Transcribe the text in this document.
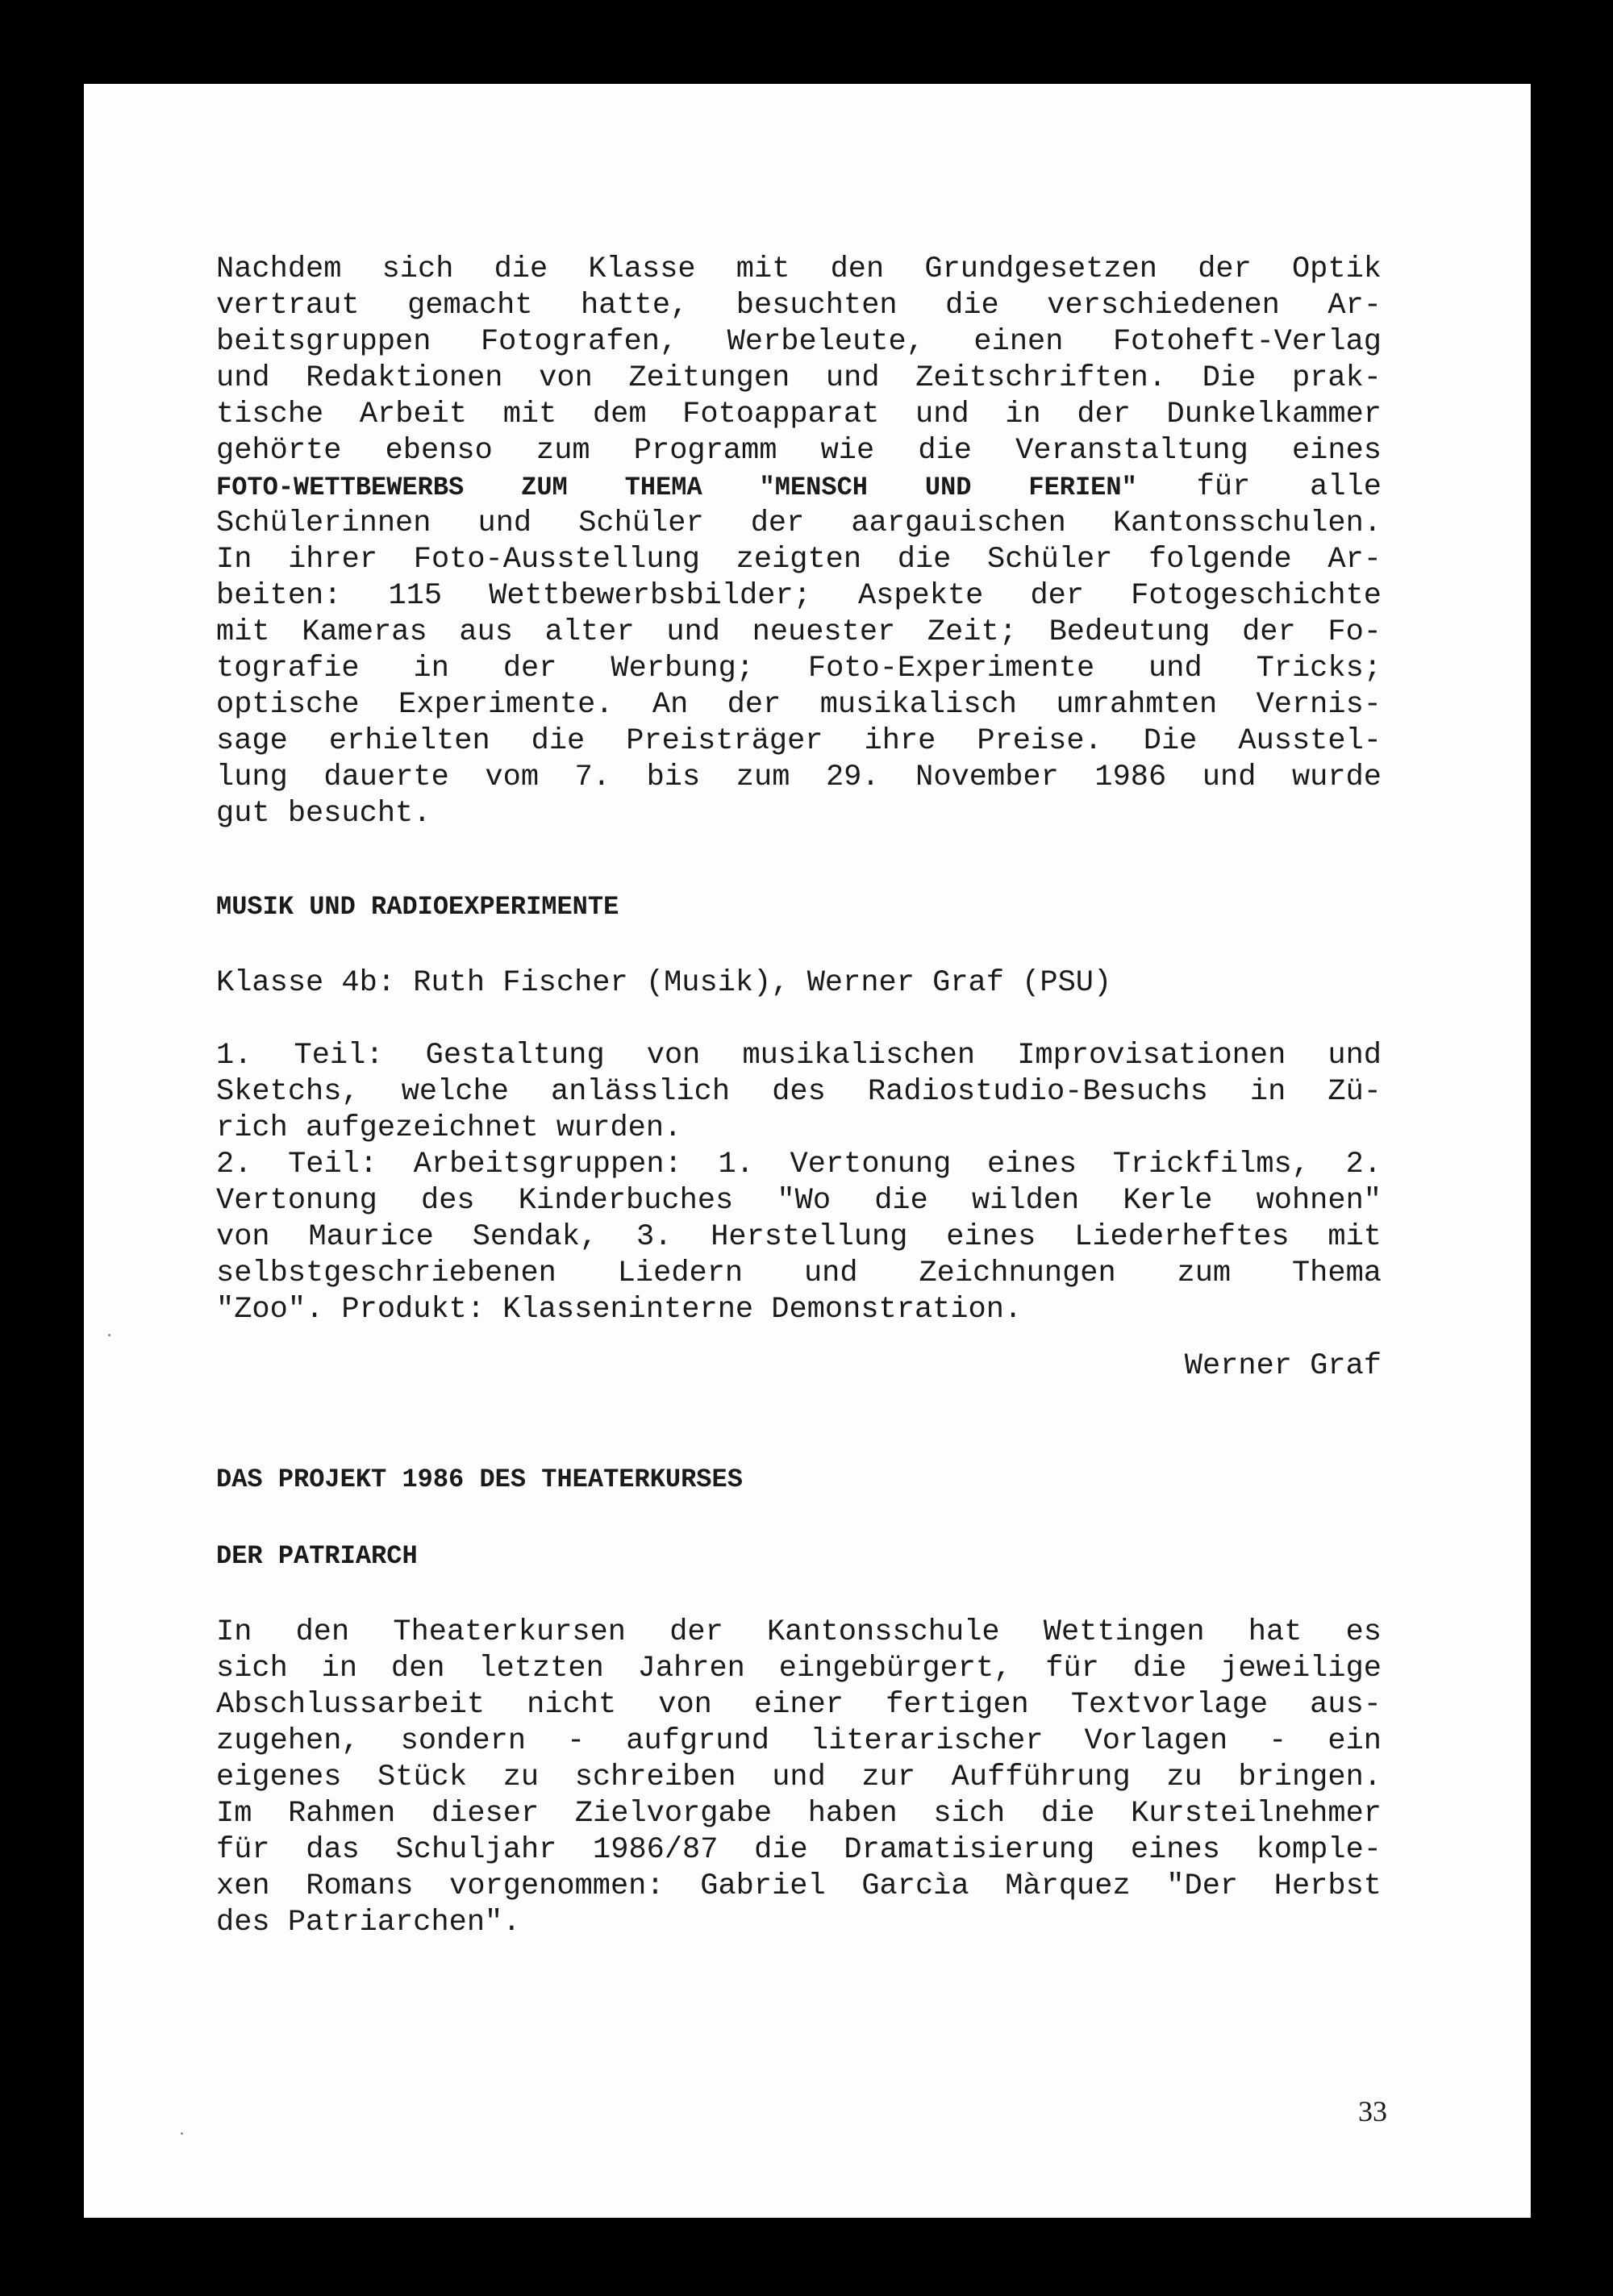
Nachdem sich die Klasse mit den Grundgesetzen der Optik
vertraut gemacht hatte, besuchten die verschiedenen Ar-
beitsgruppen Fotografen, Werbeleute, einen Fotoheft-Verlag
und Redaktionen von Zeitungen und Zeitschriften. Die prak-
tische Arbeit mit dem Fotoapparat und in der Dunkelkammer
gehörte ebenso zum Programm wie die Veranstaltung eines
FOTO-WETTBEWERBS ZUM THEMA "MENSCH UND FERIEN" für alle
Schülerinnen und Schüler der aargauischen Kantonsschulen.
In ihrer Foto-Ausstellung zeigten die Schüler folgende Ar-
beiten: 115 Wettbewerbsbilder; Aspekte der Fotogeschichte
mit Kameras aus alter und neuester Zeit; Bedeutung der Fo-
tografie in der Werbung; Foto-Experimente und Tricks;
optische Experimente. An der musikalisch umrahmten Vernis-
sage erhielten die Preisträger ihre Preise. Die Ausstel-
lung dauerte vom 7. bis zum 29. November 1986 und wurde
gut besucht.
MUSIK UND RADIOEXPERIMENTE
Klasse 4b: Ruth Fischer (Musik), Werner Graf (PSU)
1. Teil: Gestaltung von musikalischen Improvisationen und
Sketchs, welche anlässlich des Radiostudio-Besuchs in Zü-
rich aufgezeichnet wurden.
2. Teil: Arbeitsgruppen: 1. Vertonung eines Trickfilms, 2.
Vertonung des Kinderbuches "Wo die wilden Kerle wohnen"
von Maurice Sendak, 3. Herstellung eines Liederheftes mit
selbstgeschriebenen Liedern und Zeichnungen zum Thema
"Zoo". Produkt: Klasseninterne Demonstration.
Werner Graf
DAS PROJEKT 1986 DES THEATERKURSES
DER PATRIARCH
In den Theaterkursen der Kantonsschule Wettingen hat es
sich in den letzten Jahren eingebürgert, für die jeweilige
Abschlussarbeit nicht von einer fertigen Textvorlage aus-
zugehen, sondern - aufgrund literarischer Vorlagen - ein
eigenes Stück zu schreiben und zur Aufführung zu bringen.
Im Rahmen dieser Zielvorgabe haben sich die Kursteilnehmer
für das Schuljahr 1986/87 die Dramatisierung eines komple-
xen Romans vorgenommen: Gabriel Garcìa Màrquez "Der Herbst
des Patriarchen".
33
